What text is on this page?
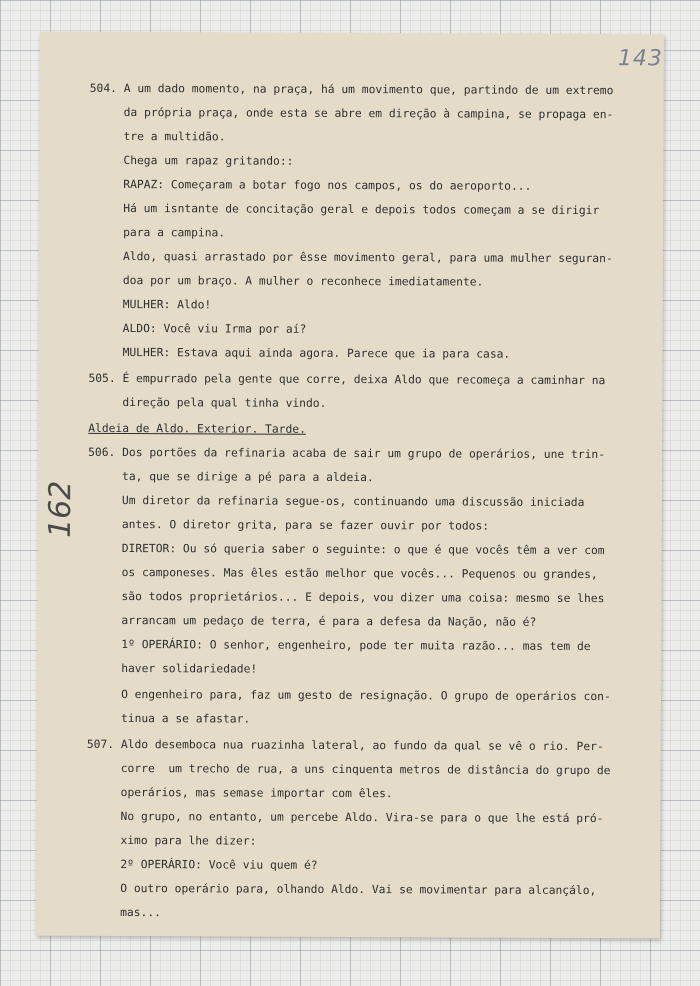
143
162
504. A um dado momento, na praça, há um movimento que, partindo de um extremo
da própria praça, onde esta se abre em direção à campina, se propaga en-
tre a multidão.
Chega um rapaz gritando::
RAPAZ: Começaram a botar fogo nos campos, os do aeroporto...
Há um isntante de concitação geral e depois todos começam a se dirigir
para a campina.
Aldo, quasi arrastado por êsse movimento geral, para uma mulher seguran-
doa por um braço. A mulher o reconhece imediatamente.
MULHER: Aldo!
ALDO: Você viu Irma por aí?
MULHER: Estava aqui ainda agora. Parece que ia para casa.
505. É empurrado pela gente que corre, deixa Aldo que recomeça a caminhar na
direção pela qual tinha vindo.
Aldeia de Aldo. Exterior. Tarde.
506. Dos portões da refinaria acaba de sair um grupo de operários, une trin-
ta, que se dirige a pé para a aldeia.
Um diretor da refinaria segue-os, continuando uma discussão iniciada
antes. O diretor grita, para se fazer ouvir por todos:
DIRETOR: Ou só queria saber o seguinte: o que é que vocês têm a ver com
os camponeses. Mas êles estão melhor que vocês... Pequenos ou grandes,
são todos proprietários... E depois, vou dizer uma coisa: mesmo se lhes
arrancam um pedaço de terra, é para a defesa da Nação, não é?
1º OPERÁRIO: O senhor, engenheiro, pode ter muita razão... mas tem de
haver solidariedade!
O engenheiro para, faz um gesto de resignação. O grupo de operários con-
tinua a se afastar.
507. Aldo desemboca nua ruazinha lateral, ao fundo da qual se vê o rio. Per-
corre  um trecho de rua, a uns cinquenta metros de distância do grupo de
operários, mas semase importar com êles.
No grupo, no entanto, um percebe Aldo. Vira-se para o que lhe está pró-
ximo para lhe dizer:
2º OPERÁRIO: Você viu quem é?
O outro operário para, olhando Aldo. Vai se movimentar para alcançálo,
mas...
